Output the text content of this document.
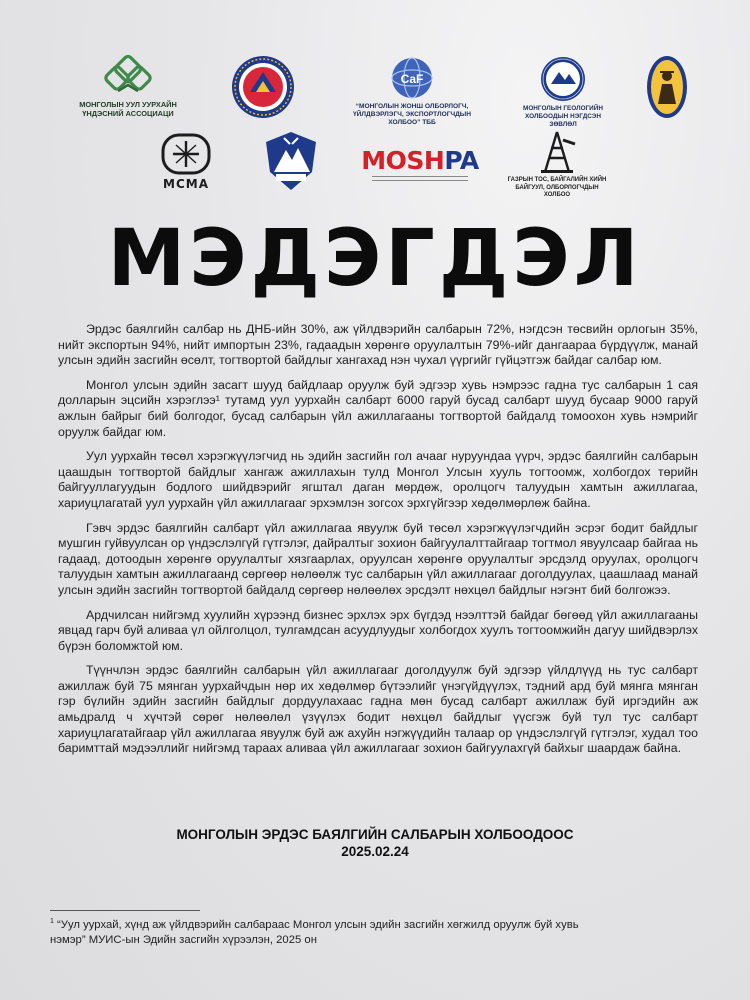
МОНГОЛЫН УУЛ УУРХАЙН ҮНДЭСНИЙ АССОЦИАЦИ
CaF
“МОНГОЛЫН ЖОНШ ОЛБОРЛОГЧ, ҮЙЛДВЭРЛЭГЧ, ЭКСПОРТЛОГЧДЫН ХОЛБОО” ТББ
МОНГОЛЫН ГЕОЛОГИЙН ХОЛБООДЫН НЭГДСЭН ЗӨВЛӨЛ
MCMA
MOSHPA
ГАЗРЫН ТОС, БАЙГАЛИЙН ХИЙН БАЙГУУЛ, ОЛБОРЛОГЧДЫН ХОЛБОО
МЭДЭГДЭЛ

Эрдэс баялгийн салбар нь ДНБ-ийн 30%, аж үйлдвэрийн салбарын 72%, нэгдсэн төсвийн орлогын 35%, нийт экспортын 94%, нийт импортын 23%, гадаадын хөрөнгө оруулалтын 79%-ийг дангаараа бүрдүүлж, манай улсын эдийн засгийн өсөлт, тогтвортой байдлыг хангахад нэн чухал үүргийг гүйцэтгэж байдаг салбар юм.

Монгол улсын эдийн засагт шууд байдлаар оруулж буй эдгээр хувь нэмрээс гадна тус салбарын 1 сая долларын эцсийн хэрэглээ¹ тутамд уул уурхайн салбарт 6000 гаруй бусад салбарт шууд бусаар 9000 гаруй ажлын байрыг бий болгодог, бусад салбарын үйл ажиллагааны тогтвортой байдалд томоохон хувь нэмрийг оруулж байдаг юм.

Уул уурхайн төсөл хэрэгжүүлэгчид нь эдийн засгийн гол ачааг нуруундаа үүрч, эрдэс баялгийн салбарын цаашдын тогтвортой байдлыг хангаж ажиллахын тулд Монгол Улсын хууль тогтоомж, холбогдох төрийн байгууллагуудын бодлого шийдвэрийг ягштал даган мөрдөж, оролцогч талуудын хамтын ажиллагаа, хариуцлагатай уул уурхайн үйл ажиллагааг эрхэмлэн зогсох эрхгүйгээр хөдөлмөрлөж байна.

Гэвч эрдэс баялгийн салбарт үйл ажиллагаа явуулж буй төсөл хэрэгжүүлэгчдийн эсрэг бодит байдлыг мушгин гуйвуулсан ор үндэслэлгүй гүтгэлэг, дайралтыг зохион байгуулалттайгаар тогтмол явуулсаар байгаа нь гадаад, дотоодын хөрөнгө оруулалтыг хязгаарлах, оруулсан хөрөнгө оруулалтыг эрсдэлд оруулах, оролцогч талуудын хамтын ажиллагаанд сөргөөр нөлөөлж тус салбарын үйл ажиллагааг доголдуулах, цаашлаад манай улсын эдийн засгийн тогтвортой байдалд сөргөөр нөлөөлөх эрсдэлт нөхцөл байдлыг нэгэнт бий болгожээ.

Ардчилсан нийгэмд хуулийн хүрээнд бизнес эрхлэх эрх бүгдэд нээлттэй байдаг бөгөөд үйл ажиллагааны явцад гарч буй аливаа үл ойлголцол, тулгамдсан асуудлуудыг холбогдох хуулъ тогтоомжийн дагуу шийдвэрлэх бүрэн боломжтой юм.

Түүнчлэн эрдэс баялгийн салбарын үйл ажиллагааг доголдуулж буй эдгээр үйлдлүүд нь тус салбарт ажиллаж буй 75 мянган уурхайчдын нөр их хөдөлмөр бүтээлийг үнэгүйдүүлэх, тэдний ард буй мянга мянган гэр бүлийн эдийн засгийн байдлыг дордуулахаас гадна мөн бусад салбарт ажиллаж буй иргэдийн аж амьдралд ч хүчтэй сөрөг нөлөөлөл үзүүлэх бодит нөхцөл байдлыг үүсгэж буй тул тус салбарт хариуцлагатайгаар үйл ажиллагаа явуулж буй аж ахуйн нэгжүүдийн талаар ор үндэслэлгүй гүтгэлэг, худал тоо баримттай мэдээллийг нийгэмд тараах аливаа үйл ажиллагааг зохион байгуулахгүй байхыг шаардаж байна.

МОНГОЛЫН ЭРДЭС БАЯЛГИЙН САЛБАРЫН ХОЛБООДООС
2025.02.24
$^1$ “Уул уурхай, хүнд аж үйлдвэрийн салбараас Монгол улсын эдийн засгийн хөгжилд оруулж буй хувь нэмэр” МУИС-ын Эдийн засгийн хүрээлэн, 2025 он
